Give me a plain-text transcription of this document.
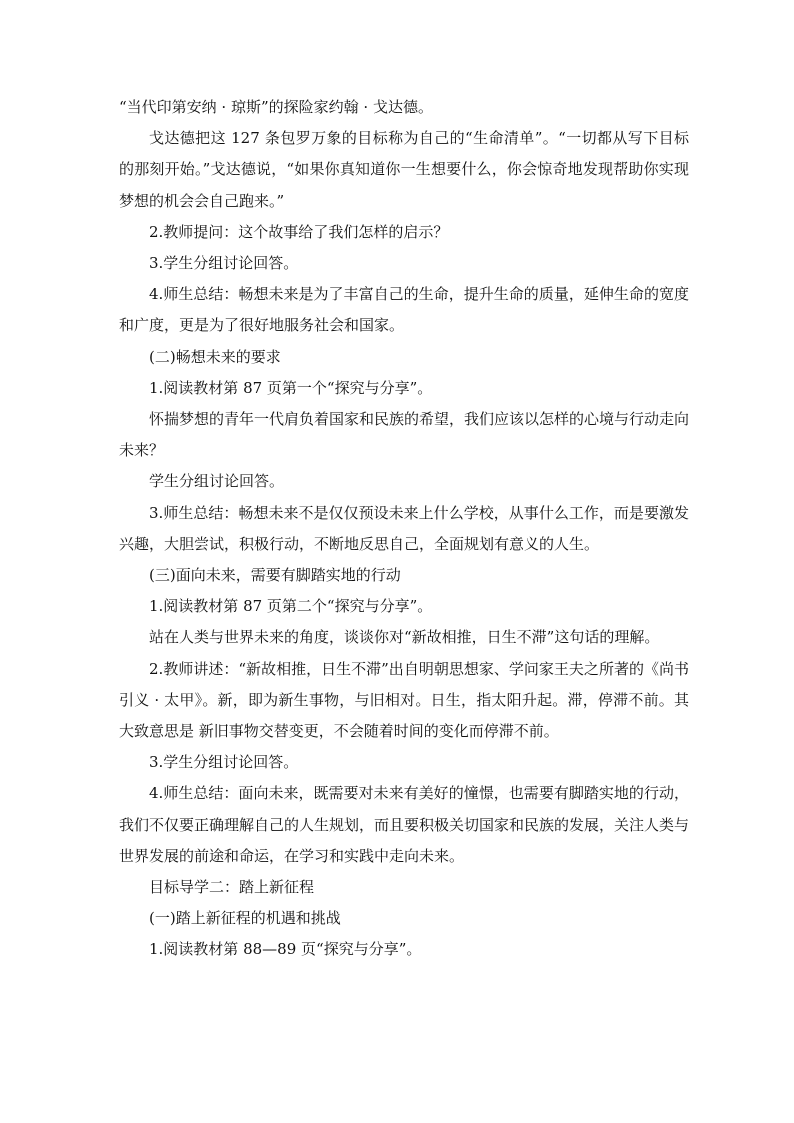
“当代印第安纳 · 琼斯”的探险家约翰 · 戈达德。

戈达德把这 127 条包罗万象的目标称为自己的“生命清单”。“一切都从写下目标的那刻开始。”戈达德说，“如果你真知道你一生想要什么，你会惊奇地发现帮助你实现梦想的机会会自己跑来。”

2.教师提问：这个故事给了我们怎样的启示？

3.学生分组讨论回答。

4.师生总结：畅想未来是为了丰富自己的生命，提升生命的质量，延伸生命的宽度和广度，更是为了很好地服务社会和国家。

(二)畅想未来的要求

1.阅读教材第 87 页第一个“探究与分享”。

怀揣梦想的青年一代肩负着国家和民族的希望，我们应该以怎样的心境与行动走向未来？

学生分组讨论回答。

3.师生总结：畅想未来不是仅仅预设未来上什么学校，从事什么工作，而是要激发兴趣，大胆尝试，积极行动，不断地反思自己，全面规划有意义的人生。

(三)面向未来，需要有脚踏实地的行动

1.阅读教材第 87 页第二个“探究与分享”。

站在人类与世界未来的角度，谈谈你对“新故相推，日生不滞”这句话的理解。

2.教师讲述：“新故相推，日生不滞”出自明朝思想家、学问家王夫之所著的《尚书引义 · 太甲》。新，即为新生事物，与旧相对。日生，指太阳升起。滞，停滞不前。其大致意思是 新旧事物交替变更，不会随着时间的变化而停滞不前。

3.学生分组讨论回答。

4.师生总结：面向未来，既需要对未来有美好的憧憬，也需要有脚踏实地的行动，我们不仅要正确理解自己的人生规划，而且要积极关切国家和民族的发展，关注人类与世界发展的前途和命运，在学习和实践中走向未来。

目标导学二：踏上新征程

(一)踏上新征程的机遇和挑战

1.阅读教材第 88—89 页“探究与分享”。
